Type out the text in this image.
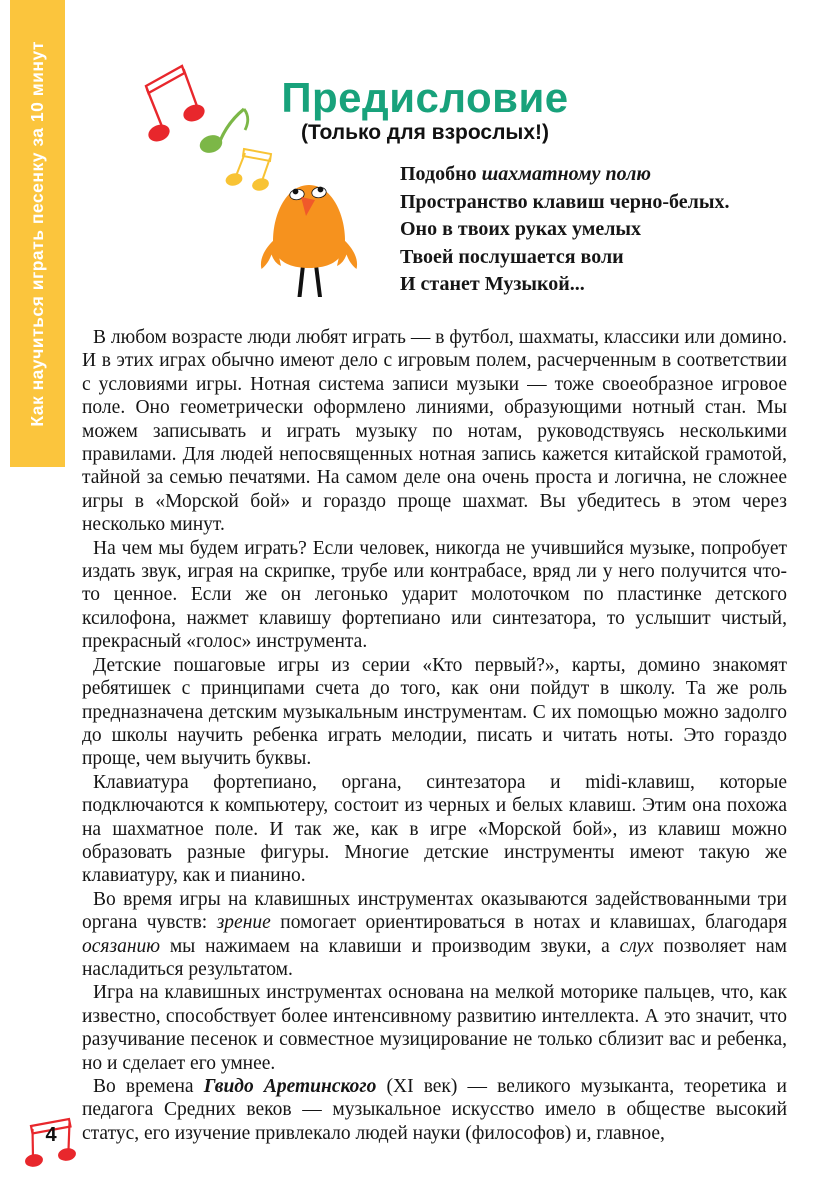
Как научиться играть песенку за 10 минут	Предисловие
(Только для взрослых!)
Подобно шахматному полю
Пространство клавиш черно-белых.
Оно в твоих руках умелых
Твоей послушается воли
И станет Музыкой...

В любом возрасте люди любят играть — в футбол, шахматы, классики или домино. И в этих играх обычно имеют дело с игровым полем, расчерченным в соответствии с условиями игры. Нотная система записи музыки — тоже своеобразное игровое поле. Оно геометрически оформлено линиями, образующими нотный стан. Мы можем записывать и играть музыку по нотам, руководствуясь несколькими правилами. Для людей непосвященных нотная запись кажется китайской грамотой, тайной за семью печатями. На самом деле она очень проста и логична, не сложнее игры в «Морской бой» и гораздо проще шахмат. Вы убедитесь в этом через несколько минут.

На чем мы будем играть? Если человек, никогда не учившийся музыке, попробует издать звук, играя на скрипке, трубе или контрабасе, вряд ли у него получится что-то ценное. Если же он легонько ударит молоточком по пластинке детского ксилофона, нажмет клавишу фортепиано или синтезатора, то услышит чистый, прекрасный «голос» инструмента.

Детские пошаговые игры из серии «Кто первый?», карты, домино знакомят ребятишек с принципами счета до того, как они пойдут в школу. Та же роль предназначена детским музыкальным инструментам. С их помощью можно задолго до школы научить ребенка играть мелодии, писать и читать ноты. Это гораздо проще, чем выучить буквы.

Клавиатура фортепиано, органа, синтезатора и midi-клавиш, которые подключаются к компьютеру, состоит из черных и белых клавиш. Этим она похожа на шахматное поле. И так же, как в игре «Морской бой», из клавиш можно образовать разные фигуры. Многие детские инструменты имеют такую же клавиатуру, как и пианино.

Во время игры на клавишных инструментах оказываются задействованными три органа чувств: зрение помогает ориентироваться в нотах и клавишах, благодаря осязанию мы нажимаем на клавиши и производим звуки, а слух позволяет нам насладиться результатом.

Игра на клавишных инструментах основана на мелкой моторике пальцев, что, как известно, способствует более интенсивному развитию интеллекта. А это значит, что разучивание песенок и совместное музицирование не только сблизит вас и ребенка, но и сделает его умнее.

Во времена Гвидо Аретинского (XI век) — великого музыканта, теоретика и педагога Средних веков — музыкальное искусство имело в обществе высокий статус, его изучение привлекало людей науки (философов) и, главное,

4
